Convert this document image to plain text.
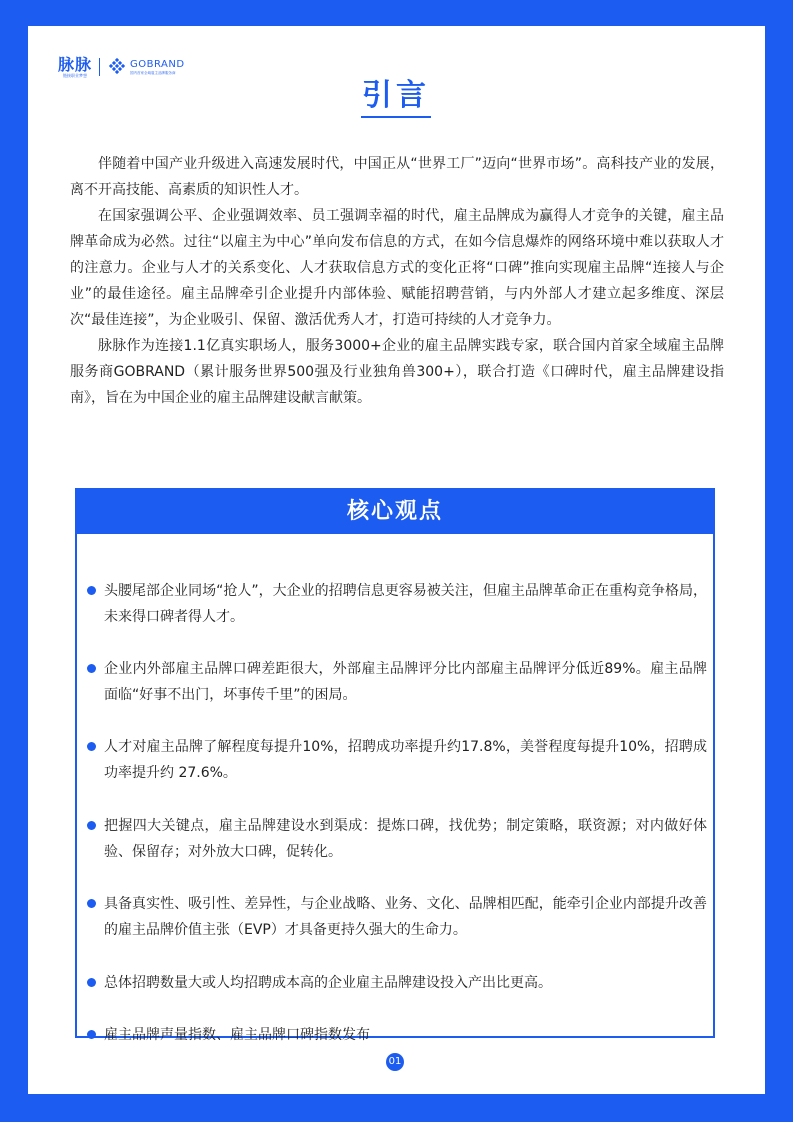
脉脉
链接职业梦想
GOBRAND
国内首家全域雇主品牌服务商
引言

伴随着中国产业升级进入高速发展时代，中国正从“世界工厂”迈向“世界市场”。高科技产业的发展，离不开高技能、高素质的知识性人才。

在国家强调公平、企业强调效率、员工强调幸福的时代，雇主品牌成为赢得人才竞争的关键，雇主品牌革命成为必然。过往“以雇主为中心”单向发布信息的方式，在如今信息爆炸的网络环境中难以获取人才的注意力。企业与人才的关系变化、人才获取信息方式的变化正将“口碑”推向实现雇主品牌“连接人与企业”的最佳途径。雇主品牌牵引企业提升内部体验、赋能招聘营销，与内外部人才建立起多维度、深层次“最佳连接”，为企业吸引、保留、激活优秀人才，打造可持续的人才竞争力。

脉脉作为连接1.1亿真实职场人，服务3000+企业的雇主品牌实践专家，联合国内首家全域雇主品牌服务商GOBRAND（累计服务世界500强及行业独角兽300+），联合打造《口碑时代，雇主品牌建设指南》，旨在为中国企业的雇主品牌建设献言献策。

核心观点
头腰尾部企业同场“抢人”，大企业的招聘信息更容易被关注，但雇主品牌革命正在重构竞争格局，未来得口碑者得人才。
企业内外部雇主品牌口碑差距很大，外部雇主品牌评分比内部雇主品牌评分低近89%。雇主品牌面临“好事不出门，坏事传千里”的困局。
人才对雇主品牌了解程度每提升10%，招聘成功率提升约17.8%，美誉程度每提升10%，招聘成功率提升约 27.6%。
把握四大关键点，雇主品牌建设水到渠成：提炼口碑，找优势；制定策略，联资源；对内做好体验、保留存；对外放大口碑，促转化。
具备真实性、吸引性、差异性，与企业战略、业务、文化、品牌相匹配，能牵引企业内部提升改善的雇主品牌价值主张（EVP）才具备更持久强大的生命力。
总体招聘数量大或人均招聘成本高的企业雇主品牌建设投入产出比更高。
雇主品牌声量指数、雇主品牌口碑指数发布
01
